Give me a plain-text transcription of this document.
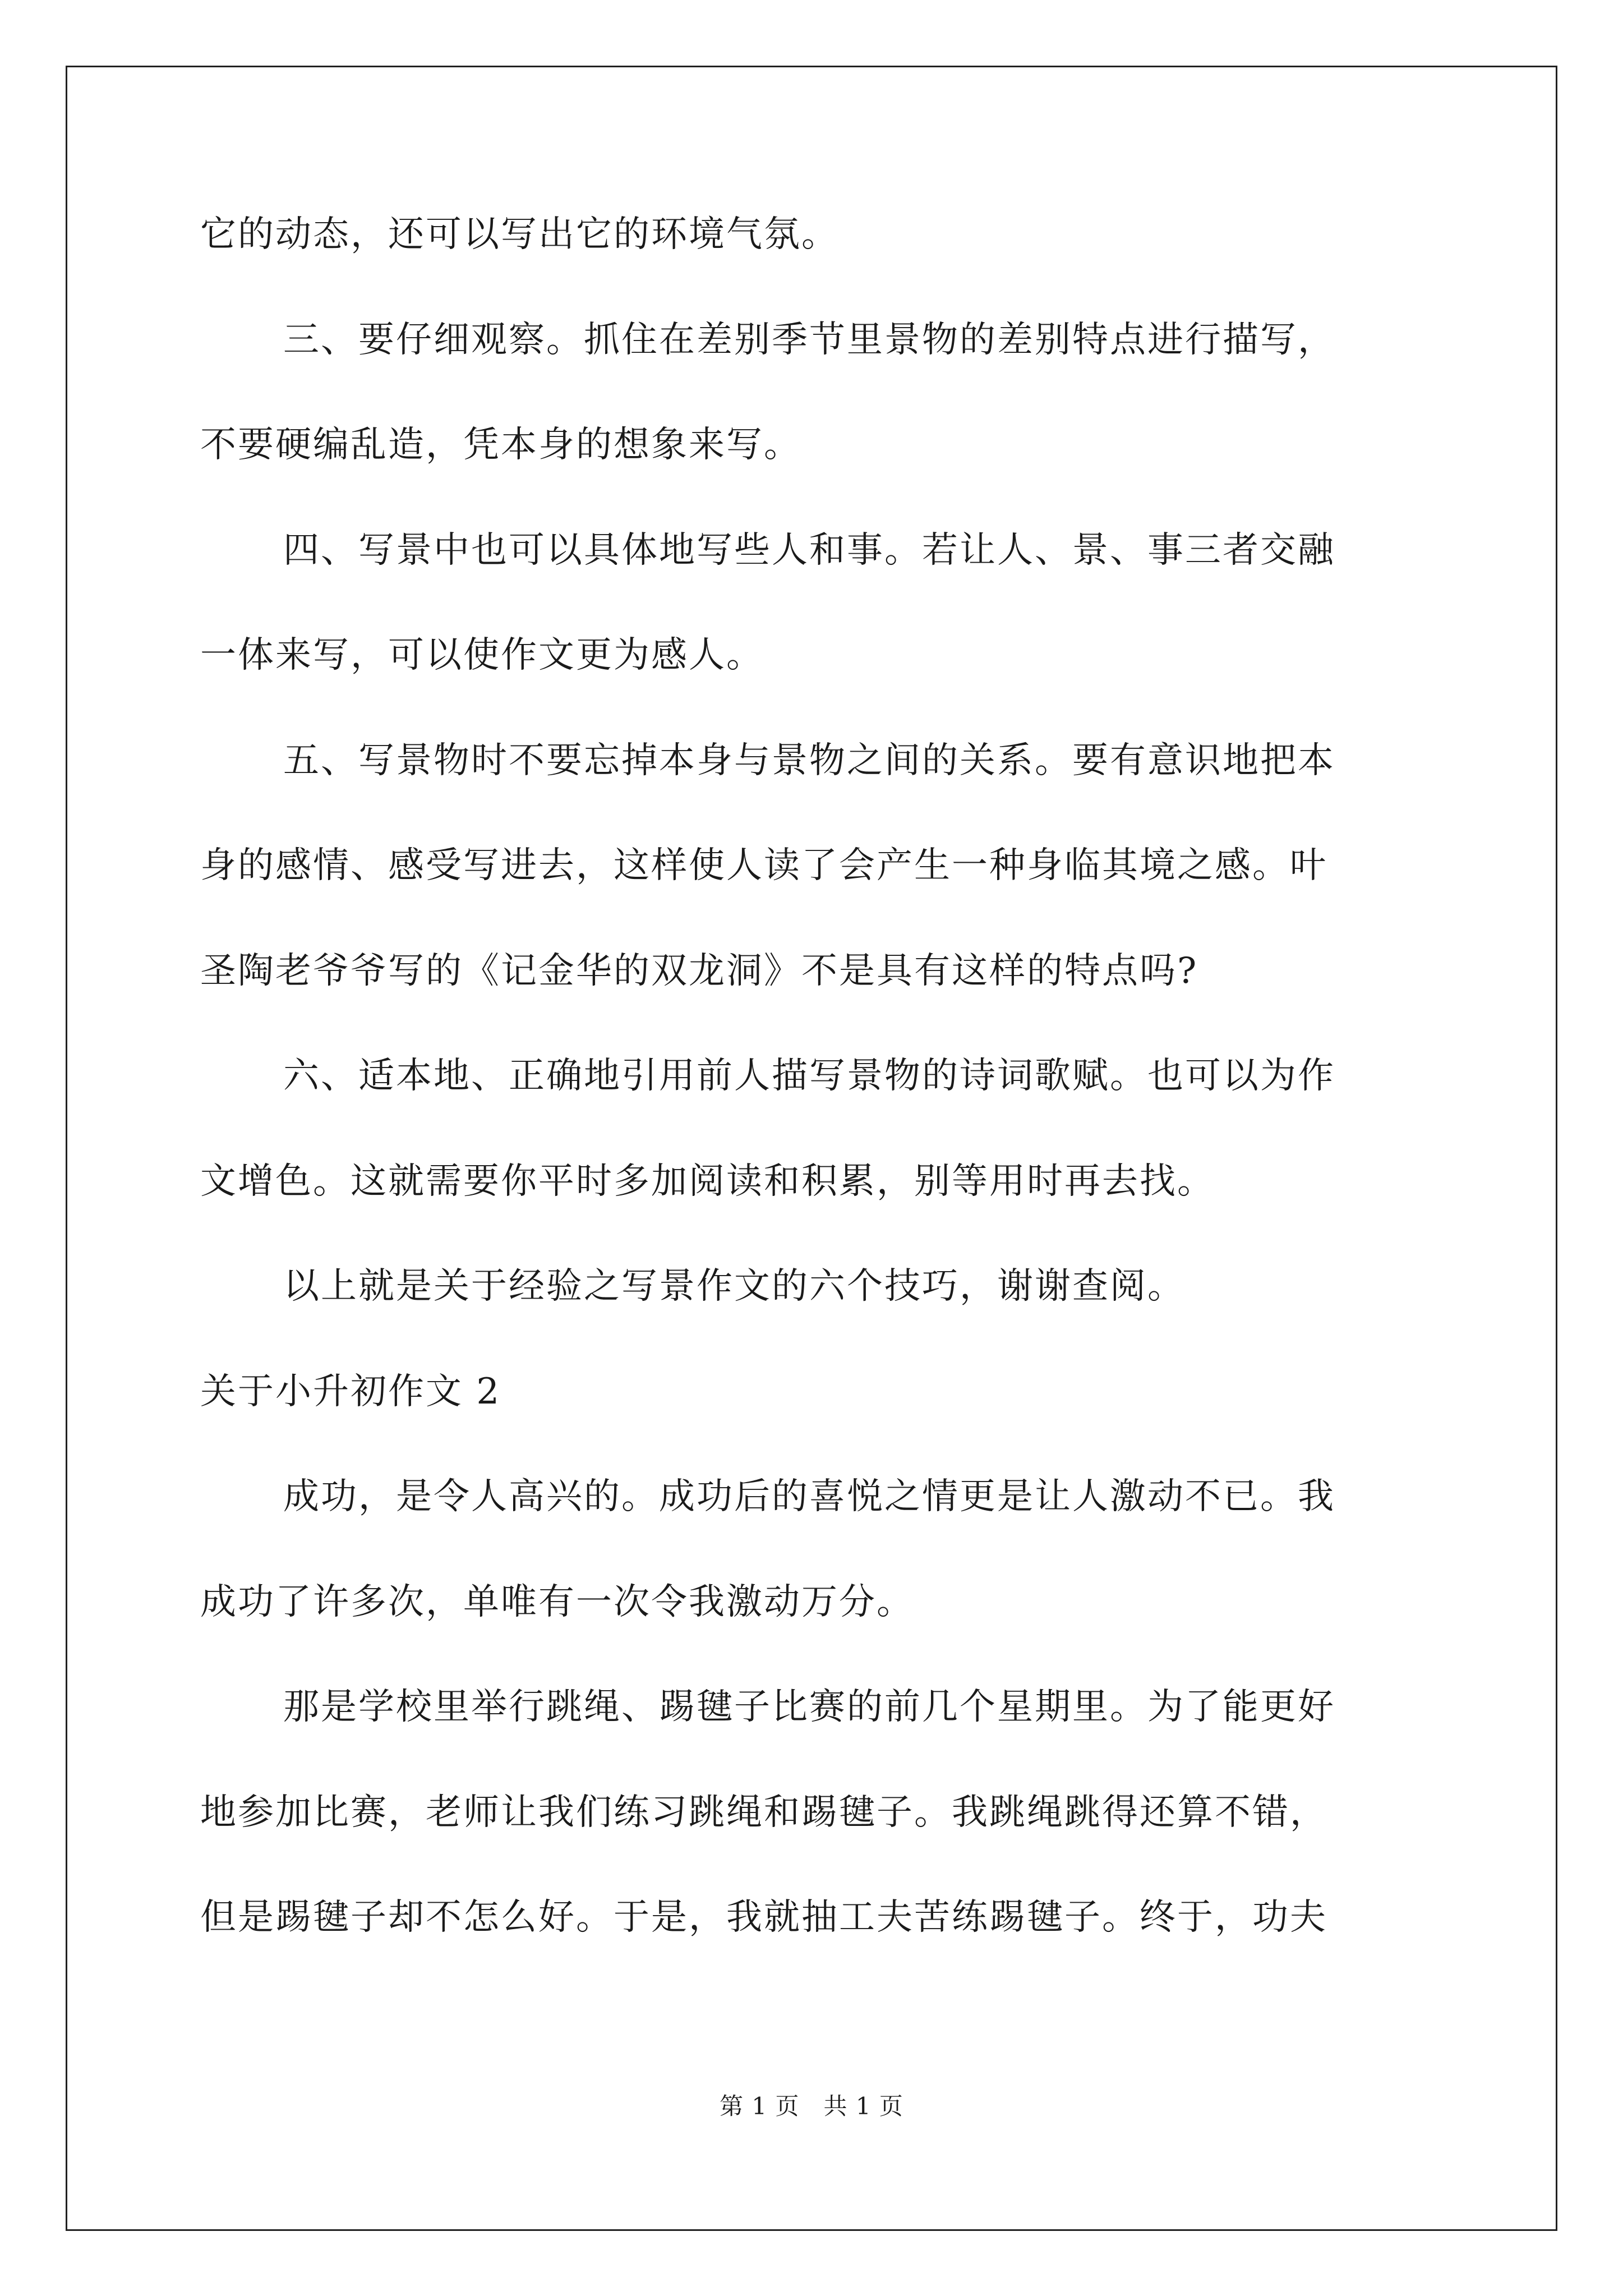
它的动态，还可以写出它的环境气氛。
三、要仔细观察。抓住在差别季节里景物的差别特点进行描写，
不要硬编乱造，凭本身的想象来写。
四、写景中也可以具体地写些人和事。若让人、景、事三者交融
一体来写，可以使作文更为感人。
五、写景物时不要忘掉本身与景物之间的关系。要有意识地把本
身的感情、感受写进去，这样使人读了会产生一种身临其境之感。叶
圣陶老爷爷写的《记金华的双龙洞》不是具有这样的特点吗?
六、适本地、正确地引用前人描写景物的诗词歌赋。也可以为作
文增色。这就需要你平时多加阅读和积累，别等用时再去找。
以上就是关于经验之写景作文的六个技巧，谢谢查阅。
关于小升初作文 2
成功，是令人高兴的。成功后的喜悦之情更是让人激动不已。我
成功了许多次，单唯有一次令我激动万分。
那是学校里举行跳绳、踢毽子比赛的前几个星期里。为了能更好
地参加比赛，老师让我们练习跳绳和踢毽子。我跳绳跳得还算不错，
但是踢毽子却不怎么好。于是，我就抽工夫苦练踢毽子。终于，功夫
第 1 页　共 1 页
